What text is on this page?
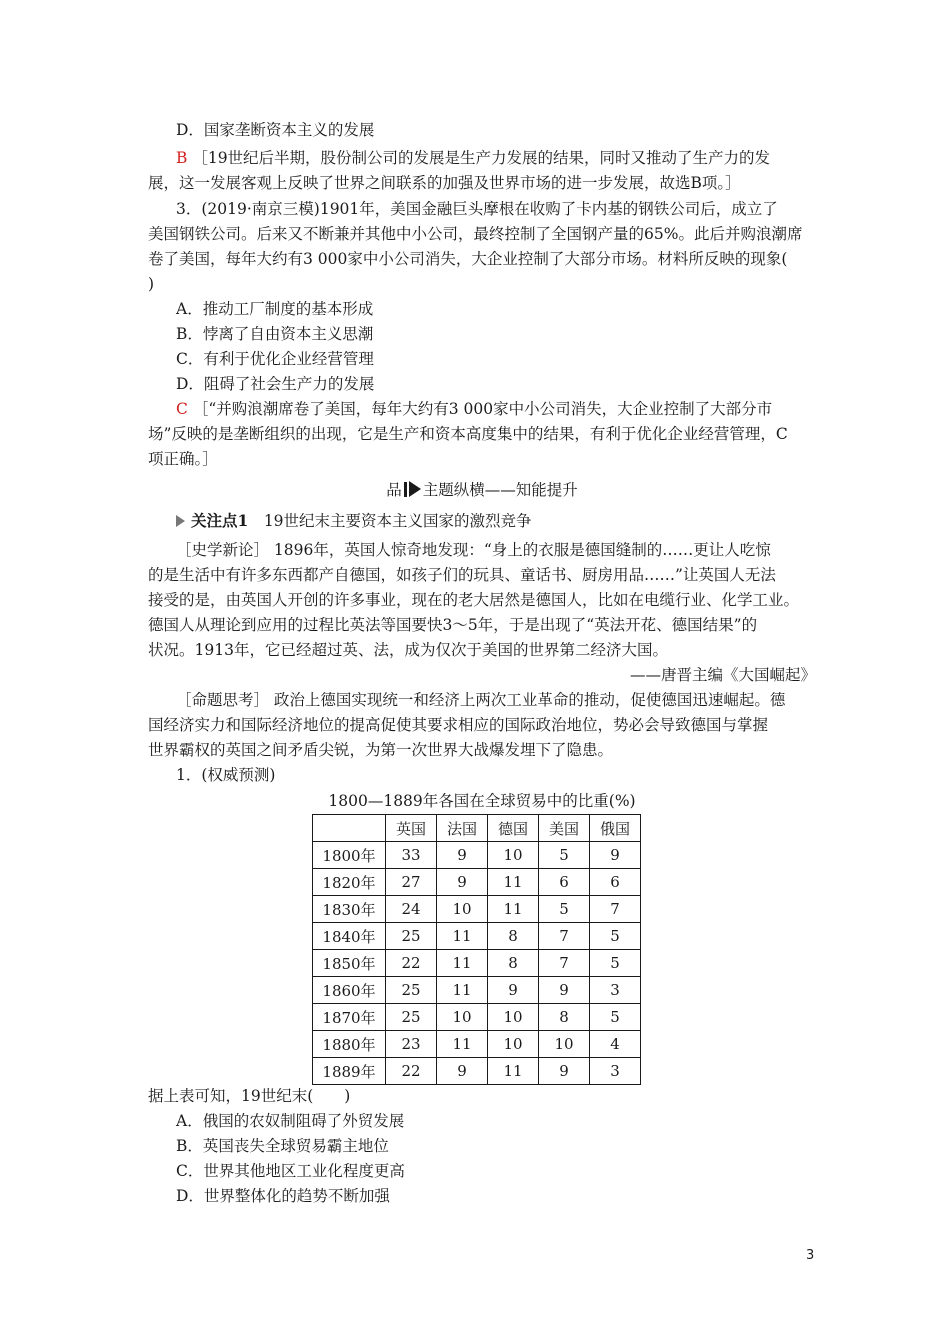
D．国家垄断资本主义的发展

B ［19世纪后半期，股份制公司的发展是生产力发展的结果，同时又推动了生产力的发

展，这一发展客观上反映了世界之间联系的加强及世界市场的进一步发展，故选B项。］

3．(2019·南京三模)1901年，美国金融巨头摩根在收购了卡内基的钢铁公司后，成立了

美国钢铁公司。后来又不断兼并其他中小公司，最终控制了全国钢产量的65%。此后并购浪潮席

卷了美国，每年大约有3 000家中小公司消失，大企业控制了大部分市场。材料所反映的现象(

)

A．推动工厂制度的基本形成

B．悖离了自由资本主义思潮

C．有利于优化企业经营管理

D．阻碍了社会生产力的发展

C ［“并购浪潮席卷了美国，每年大约有3 000家中小公司消失，大企业控制了大部分市

场”反映的是垄断组织的出现，它是生产和资本高度集中的结果，有利于优化企业经营管理，C

项正确。］

品 主题纵横——知能提升

关注点1　 19世纪末主要资本主义国家的激烈竞争

［史学新论］ 1896年，英国人惊奇地发现：“身上的衣服是德国缝制的……更让人吃惊

的是生活中有许多东西都产自德国，如孩子们的玩具、童话书、厨房用品……”让英国人无法

接受的是，由英国人开创的许多事业，现在的老大居然是德国人，比如在电缆行业、化学工业。

德国人从理论到应用的过程比英法等国要快3～5年，于是出现了“英法开花、德国结果”的

状况。1913年，它已经超过英、法，成为仅次于美国的世界第二经济大国。

——唐晋主编《大国崛起》

［命题思考］ 政治上德国实现统一和经济上两次工业革命的推动，促使德国迅速崛起。德

国经济实力和国际经济地位的提高促使其要求相应的国际政治地位，势必会导致德国与掌握

世界霸权的英国之间矛盾尖锐，为第一次世界大战爆发埋下了隐患。

1．(权威预测)

1800—1889年各国在全球贸易中的比重(%)

	英国	法国	德国	美国	俄国
1800年	33	9	10	5	9
1820年	27	9	11	6	6
1830年	24	10	11	5	7
1840年	25	11	8	7	5
1850年	22	11	8	7	5
1860年	25	11	9	9	3
1870年	25	10	10	8	5
1880年	23	11	10	10	4
1889年	22	9	11	9	3

据上表可知，19世纪末(　　)

A．俄国的农奴制阻碍了外贸发展

B．英国丧失全球贸易霸主地位

C．世界其他地区工业化程度更高

D．世界整体化的趋势不断加强

3
